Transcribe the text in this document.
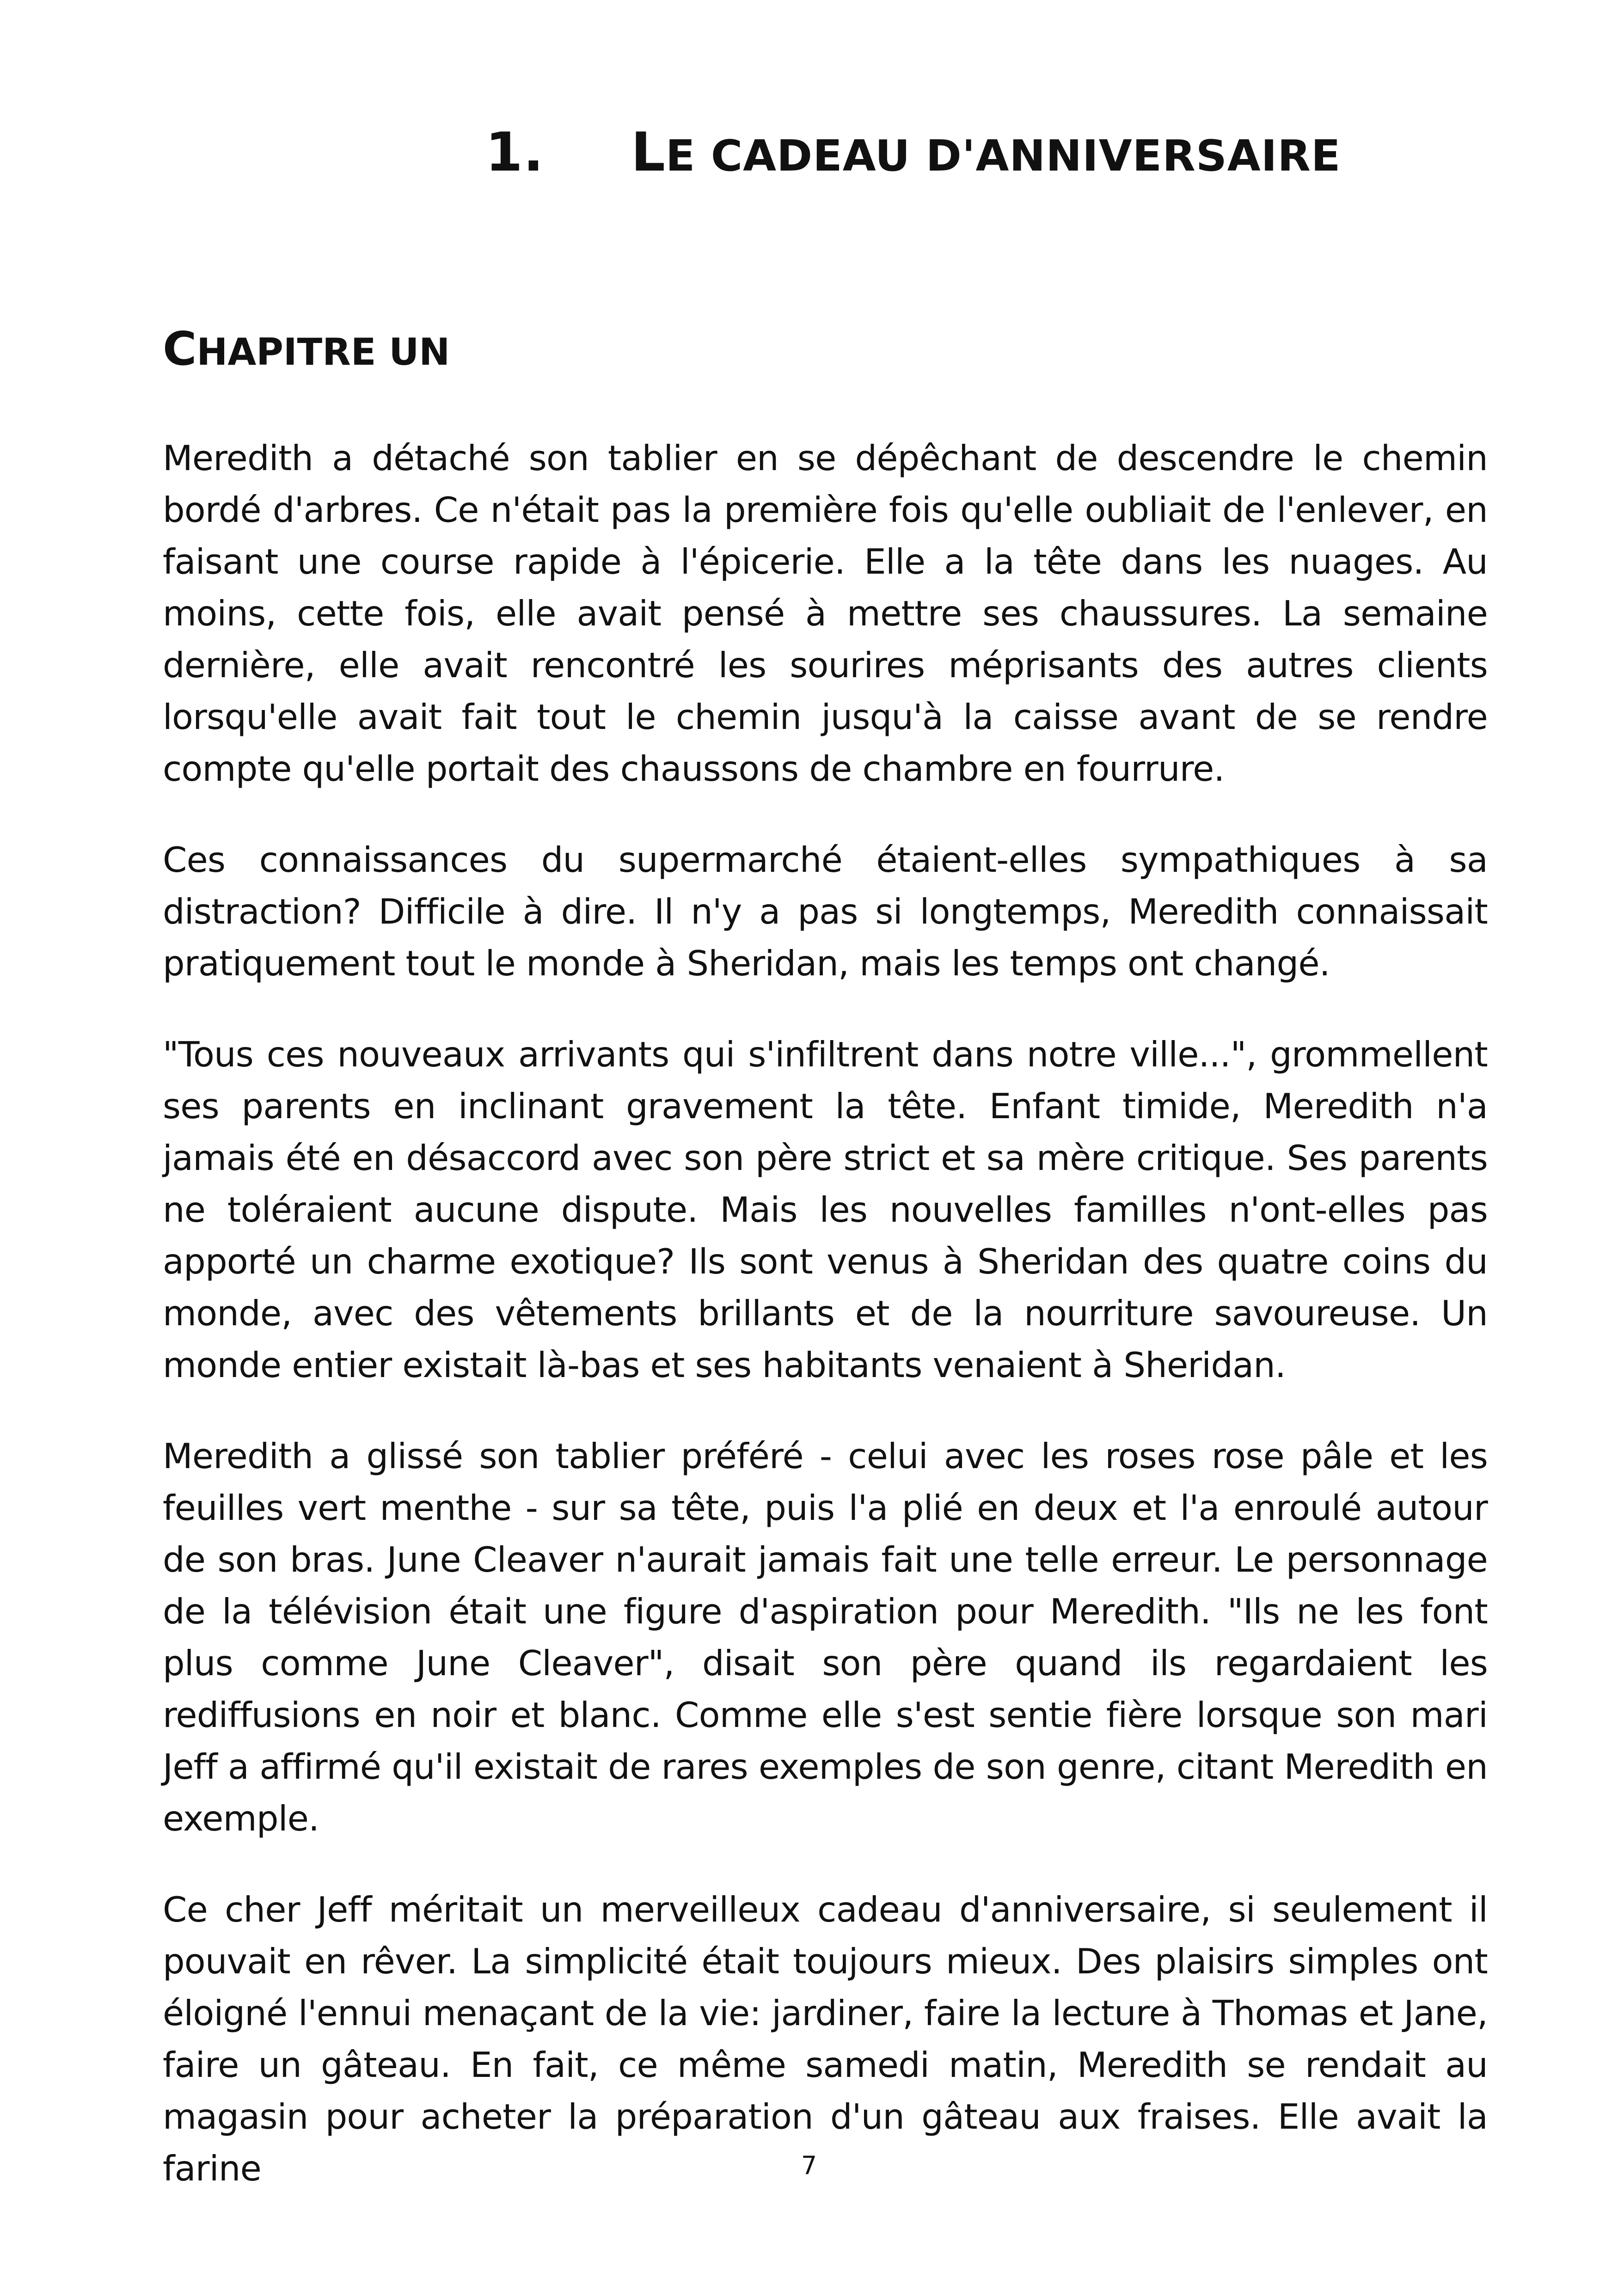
1. LE CADEAU D'ANNIVERSAIRE
CHAPITRE UN

Meredith a détaché son tablier en se dépêchant de descendre le chemin bordé d'arbres. Ce n'était pas la première fois qu'elle oubliait de l'enlever, en faisant une course rapide à l'épicerie. Elle a la tête dans les nuages. Au moins, cette fois, elle avait pensé à mettre ses chaussures. La semaine dernière, elle avait rencontré les sourires méprisants des autres clients lorsqu'elle avait fait tout le chemin jusqu'à la caisse avant de se rendre compte qu'elle portait des chaussons de chambre en fourrure.

Ces connaissances du supermarché étaient-elles sympathiques à sa distraction? Difficile à dire. Il n'y a pas si longtemps, Meredith connaissait pratiquement tout le monde à Sheridan, mais les temps ont changé.

"Tous ces nouveaux arrivants qui s'infiltrent dans notre ville...", grommellent ses parents en inclinant gravement la tête. Enfant timide, Meredith n'a jamais été en désaccord avec son père strict et sa mère critique. Ses parents ne toléraient aucune dispute. Mais les nouvelles familles n'ont-elles pas apporté un charme exotique? Ils sont venus à Sheridan des quatre coins du monde, avec des vêtements brillants et de la nourriture savoureuse. Un monde entier existait là-bas et ses habitants venaient à Sheridan.

Meredith a glissé son tablier préféré - celui avec les roses rose pâle et les feuilles vert menthe - sur sa tête, puis l'a plié en deux et l'a enroulé autour de son bras. June Cleaver n'aurait jamais fait une telle erreur. Le personnage de la télévision était une figure d'aspiration pour Meredith. "Ils ne les font plus comme June Cleaver", disait son père quand ils regardaient les rediffusions en noir et blanc. Comme elle s'est sentie fière lorsque son mari Jeff a affirmé qu'il existait de rares exemples de son genre, citant Meredith en exemple.

Ce cher Jeff méritait un merveilleux cadeau d'anniversaire, si seulement il pouvait en rêver. La simplicité était toujours mieux. Des plaisirs simples ont éloigné l'ennui menaçant de la vie: jardiner, faire la lecture à Thomas et Jane, faire un gâteau. En fait, ce même samedi matin, Meredith se rendait au magasin pour acheter la préparation d'un gâteau aux fraises. Elle avait la farine	7
